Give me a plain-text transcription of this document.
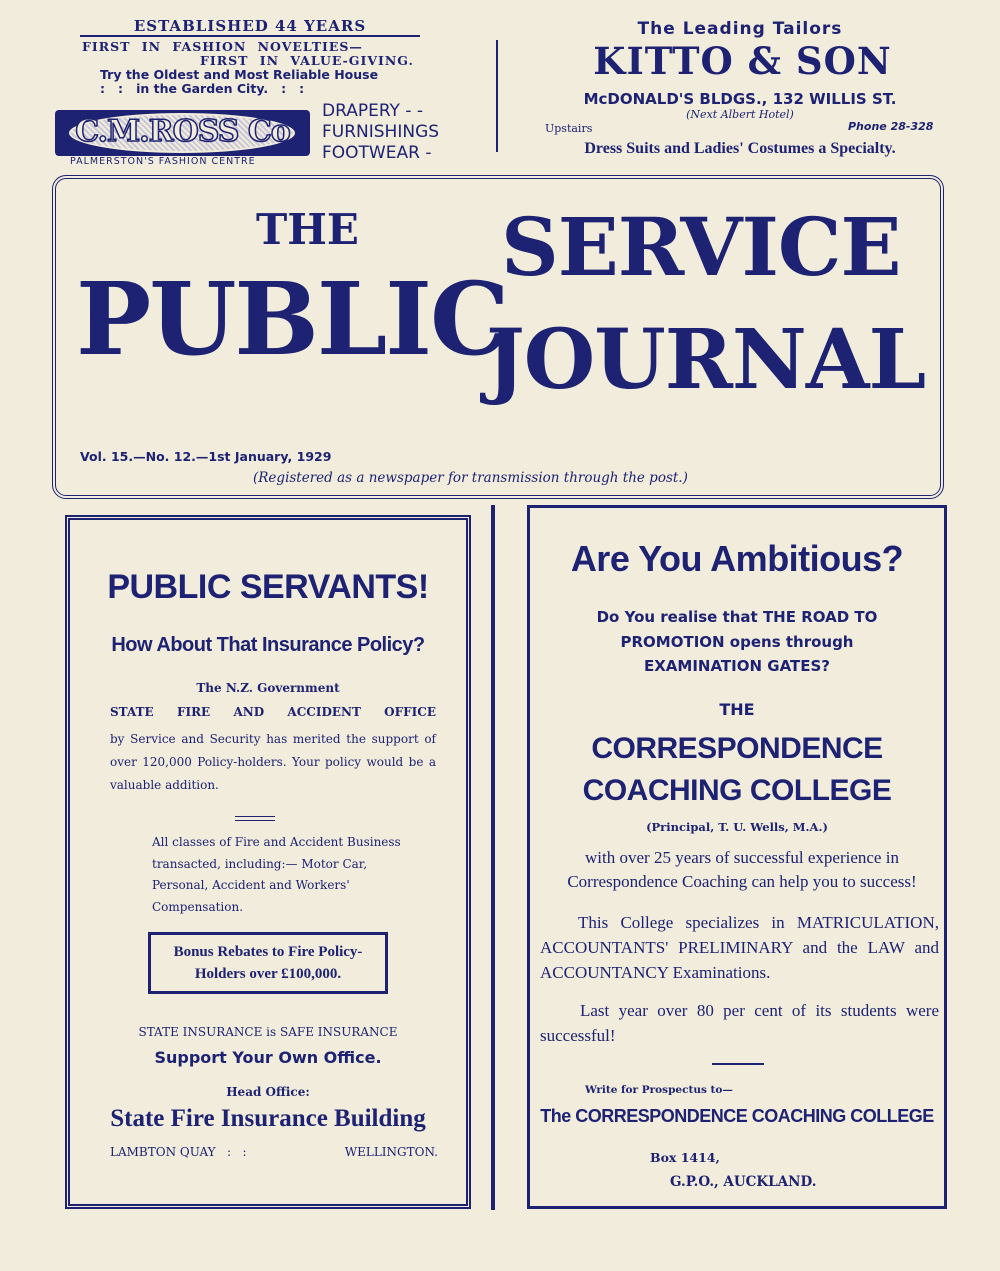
ESTABLISHED 44 YEARS
FIRST IN FASHION NOVELTIES—
FIRST IN VALUE-GIVING.
Try the Oldest and Most Reliable House
:   :   in the Garden City.   :   :
C.M.ROSS Co
PALMERSTON'S FASHION CENTRE
DRAPERY - -
FURNISHINGS
FOOTWEAR -
The Leading Tailors
KITTO & SON
McDONALD'S BLDGS., 132 WILLIS ST.
(Next Albert Hotel)
Upstairs	Phone 28-328
Dress Suits and Ladies' Costumes a Specialty.
THE
PUBLIC
SERVICE
JOURNAL
Vol. 15.—No. 12.—1st January, 1929
(Registered as a newspaper for transmission through the post.)
PUBLIC SERVANTS!
How About That Insurance Policy?
The N.Z. Government
STATE FIRE AND ACCIDENT OFFICE
by Service and Security has merited the support of over 120,000 Policy-holders. Your policy would be a valuable addition.
All classes of Fire and Accident Business transacted, including:— Motor Car, Personal, Accident and Workers' Compensation.
Bonus Rebates to Fire Policy-Holders over £100,000.
STATE INSURANCE is SAFE INSURANCE
Support Your Own Office.
Head Office:
State Fire Insurance Building
LAMBTON QUAY   :   :	WELLINGTON.
Are You Ambitious?
Do You realise that THE ROAD TO PROMOTION opens through EXAMINATION GATES?
THE
CORRESPONDENCE COACHING COLLEGE
(Principal, T. U. Wells, M.A.)
with over 25 years of successful experience in Correspondence Coaching can help you to success!
This College specializes in MATRICULATION, ACCOUNTANTS' PRELIMINARY and the LAW and ACCOUNTANCY Examinations.
Last year over 80 per cent of its students were successful!
Write for Prospectus to—
The CORRESPONDENCE COACHING COLLEGE
Box 1414,
G.P.O., AUCKLAND.
